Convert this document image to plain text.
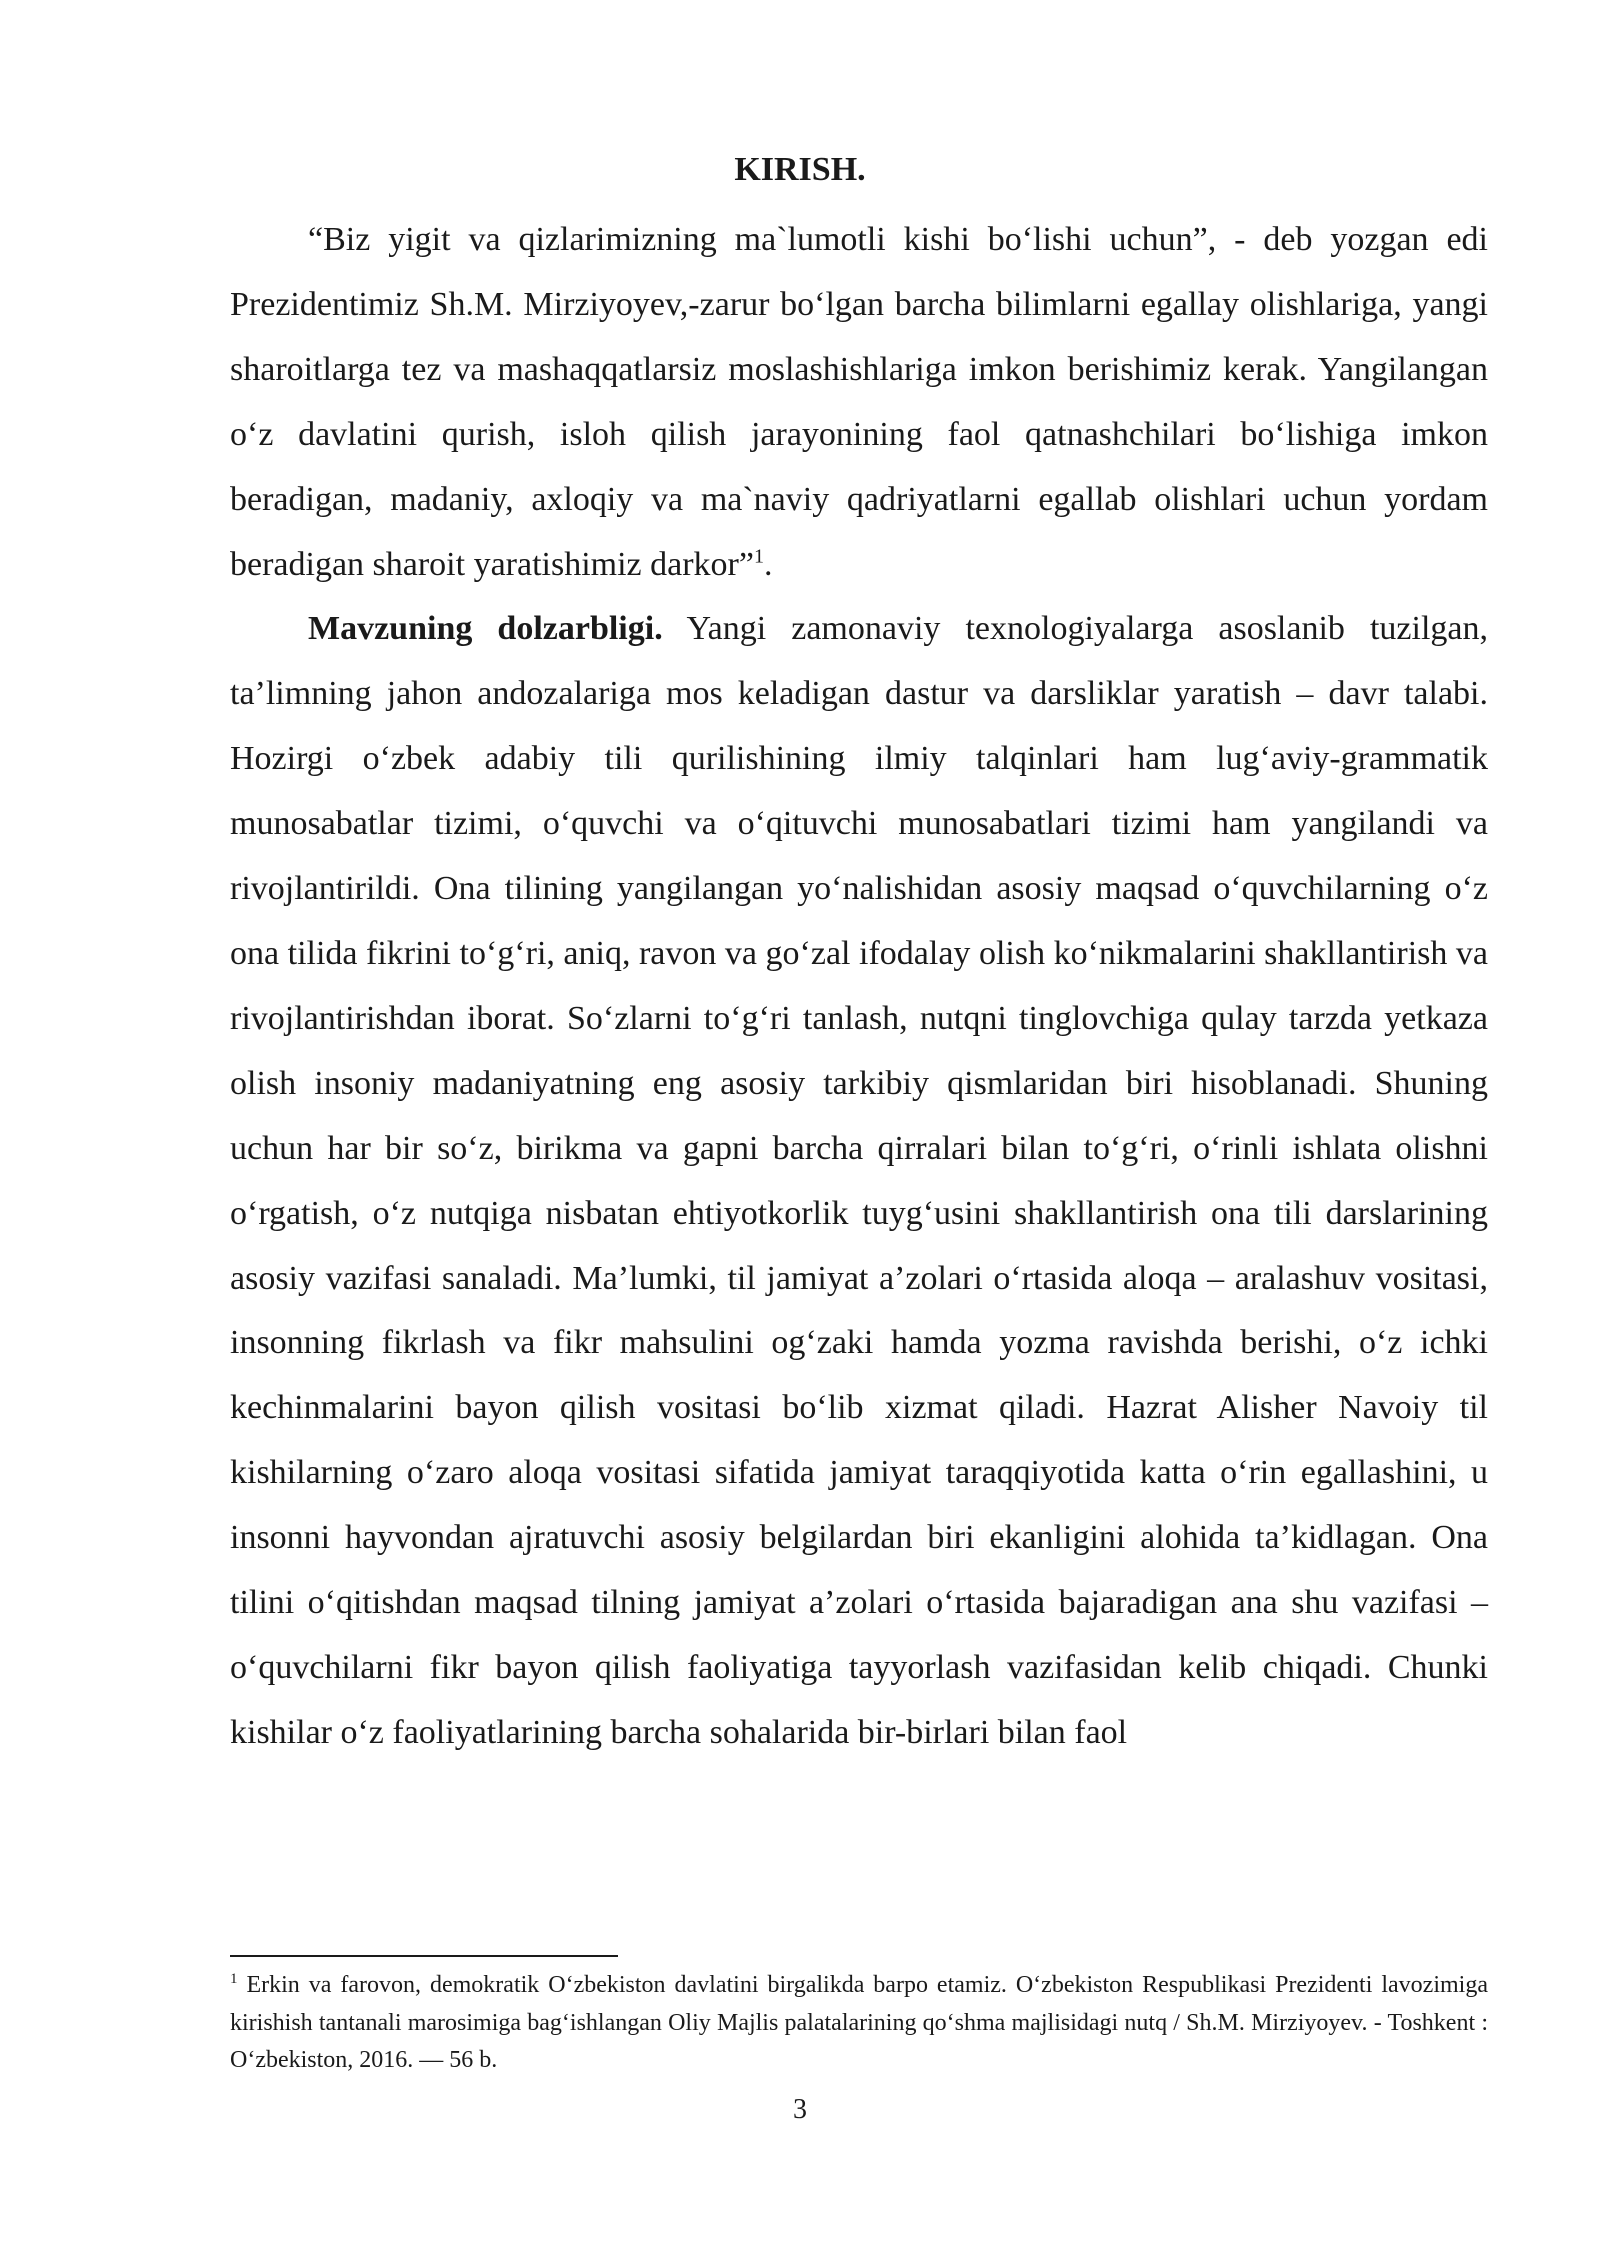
KIRISH.

“Biz yigit va qizlarimizning ma`lumotli kishi bo‘lishi uchun”, - deb yozgan edi Prezidentimiz Sh.M. Mirziyoyev,-zarur bo‘lgan barcha bilimlarni egallay olishlariga, yangi sharoitlarga tez va mashaqqatlarsiz moslashishlariga imkon berishimiz kerak. Yangilangan o‘z davlatini qurish, isloh qilish jarayonining faol qatnashchilari bo‘lishiga imkon beradigan, madaniy, axloqiy va ma`naviy qadriyatlarni egallab olishlari uchun yordam beradigan sharoit yaratishimiz darkor”$^1$.

Mavzuning dolzarbligi. Yangi zamonaviy texnologiyalarga asoslanib tuzilgan, ta’limning jahon andozalariga mos keladigan dastur va darsliklar yaratish – davr talabi. Hozirgi o‘zbek adabiy tili qurilishining ilmiy talqinlari ham lug‘aviy-grammatik munosabatlar tizimi, o‘quvchi va o‘qituvchi munosabatlari tizimi ham yangilandi va rivojlantirildi. Ona tilining yangilangan yo‘nalishidan asosiy maqsad o‘quvchilarning o‘z ona tilida fikrini to‘g‘ri, aniq, ravon va go‘zal ifodalay olish ko‘nikmalarini shakllantirish va rivojlantirishdan iborat. So‘zlarni to‘g‘ri tanlash, nutqni tinglovchiga qulay tarzda yetkaza olish insoniy madaniyatning eng asosiy tarkibiy qismlaridan biri hisoblanadi. Shuning uchun har bir so‘z, birikma va gapni barcha qirralari bilan to‘g‘ri, o‘rinli ishlata olishni o‘rgatish, o‘z nutqiga nisbatan ehtiyotkorlik tuyg‘usini shakllantirish ona tili darslarining asosiy vazifasi sanaladi. Ma’lumki, til jamiyat a’zolari o‘rtasida aloqa – aralashuv vositasi, insonning fikrlash va fikr mahsulini og‘zaki hamda yozma ravishda berishi, o‘z ichki kechinmalarini bayon qilish vositasi bo‘lib xizmat qiladi. Hazrat Alisher Navoiy til kishilarning o‘zaro aloqa vositasi sifatida jamiyat taraqqiyotida katta o‘rin egallashini, u insonni hayvondan ajratuvchi asosiy belgilardan biri ekanligini alohida ta’kidlagan. Ona tilini o‘qitishdan maqsad tilning jamiyat a’zolari o‘rtasida bajaradigan ana shu vazifasi – o‘quvchilarni fikr bayon qilish faoliyatiga tayyorlash vazifasidan kelib chiqadi. Chunki kishilar o‘z faoliyatlarining barcha sohalarida bir-birlari bilan faol

$^1$ Erkin va farovon, demokratik O‘zbekiston davlatini birgalikda barpo etamiz. O‘zbekiston Respublikasi Prezidenti lavozimiga kirishish tantanali marosimiga bag‘ishlangan Oliy Majlis palatalarining qo‘shma majlisidagi nutq / Sh.M. Mirziyoyev. - Toshkent : O‘zbekiston, 2016. — 56 b.

3
